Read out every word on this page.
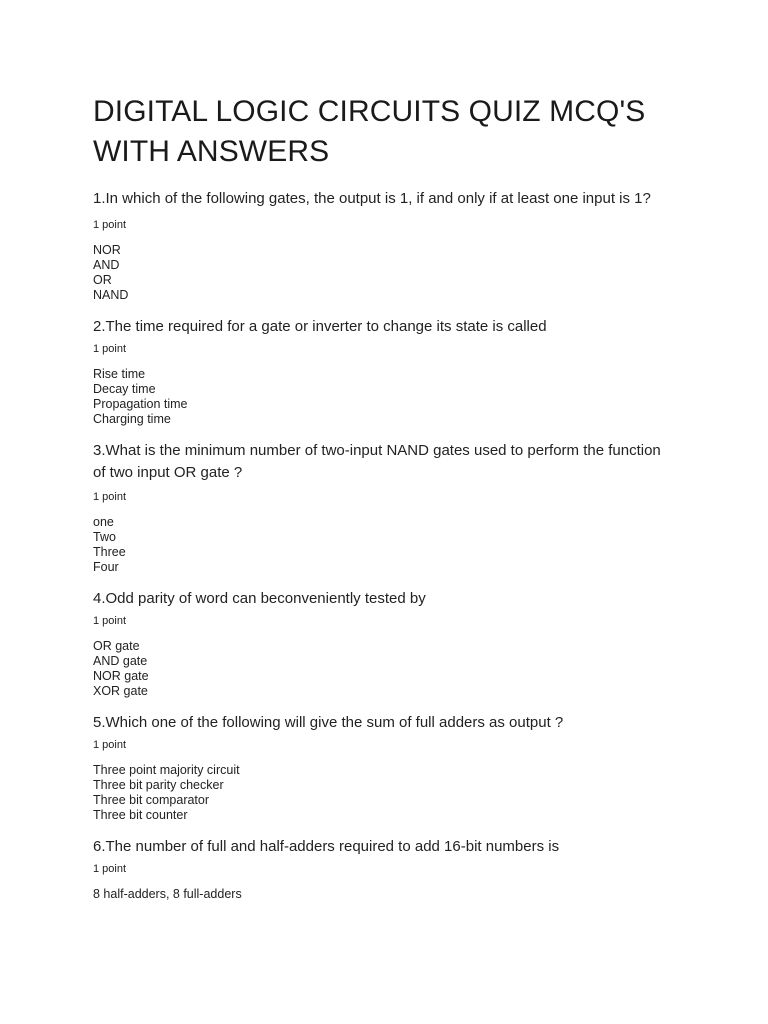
DIGITAL LOGIC CIRCUITS QUIZ MCQ'S WITH ANSWERS

1.In which of the following gates, the output is 1, if and only if at least one input is 1?

1 point

NOR
AND
OR
NAND

2.The time required for a gate or inverter to change its state is called

1 point

Rise time
Decay time
Propagation time
Charging time

3.What is the minimum number of two-input NAND gates used to perform the function of two input OR gate ?

1 point

one
Two
Three
Four

4.Odd parity of word can beconveniently tested by

1 point

OR gate
AND gate
NOR gate
XOR gate

5.Which one of the following will give the sum of full adders as output ?

1 point

Three point majority circuit
Three bit parity checker
Three bit comparator
Three bit counter

6.The number of full and half-adders required to add 16-bit numbers is

1 point

8 half-adders, 8 full-adders
